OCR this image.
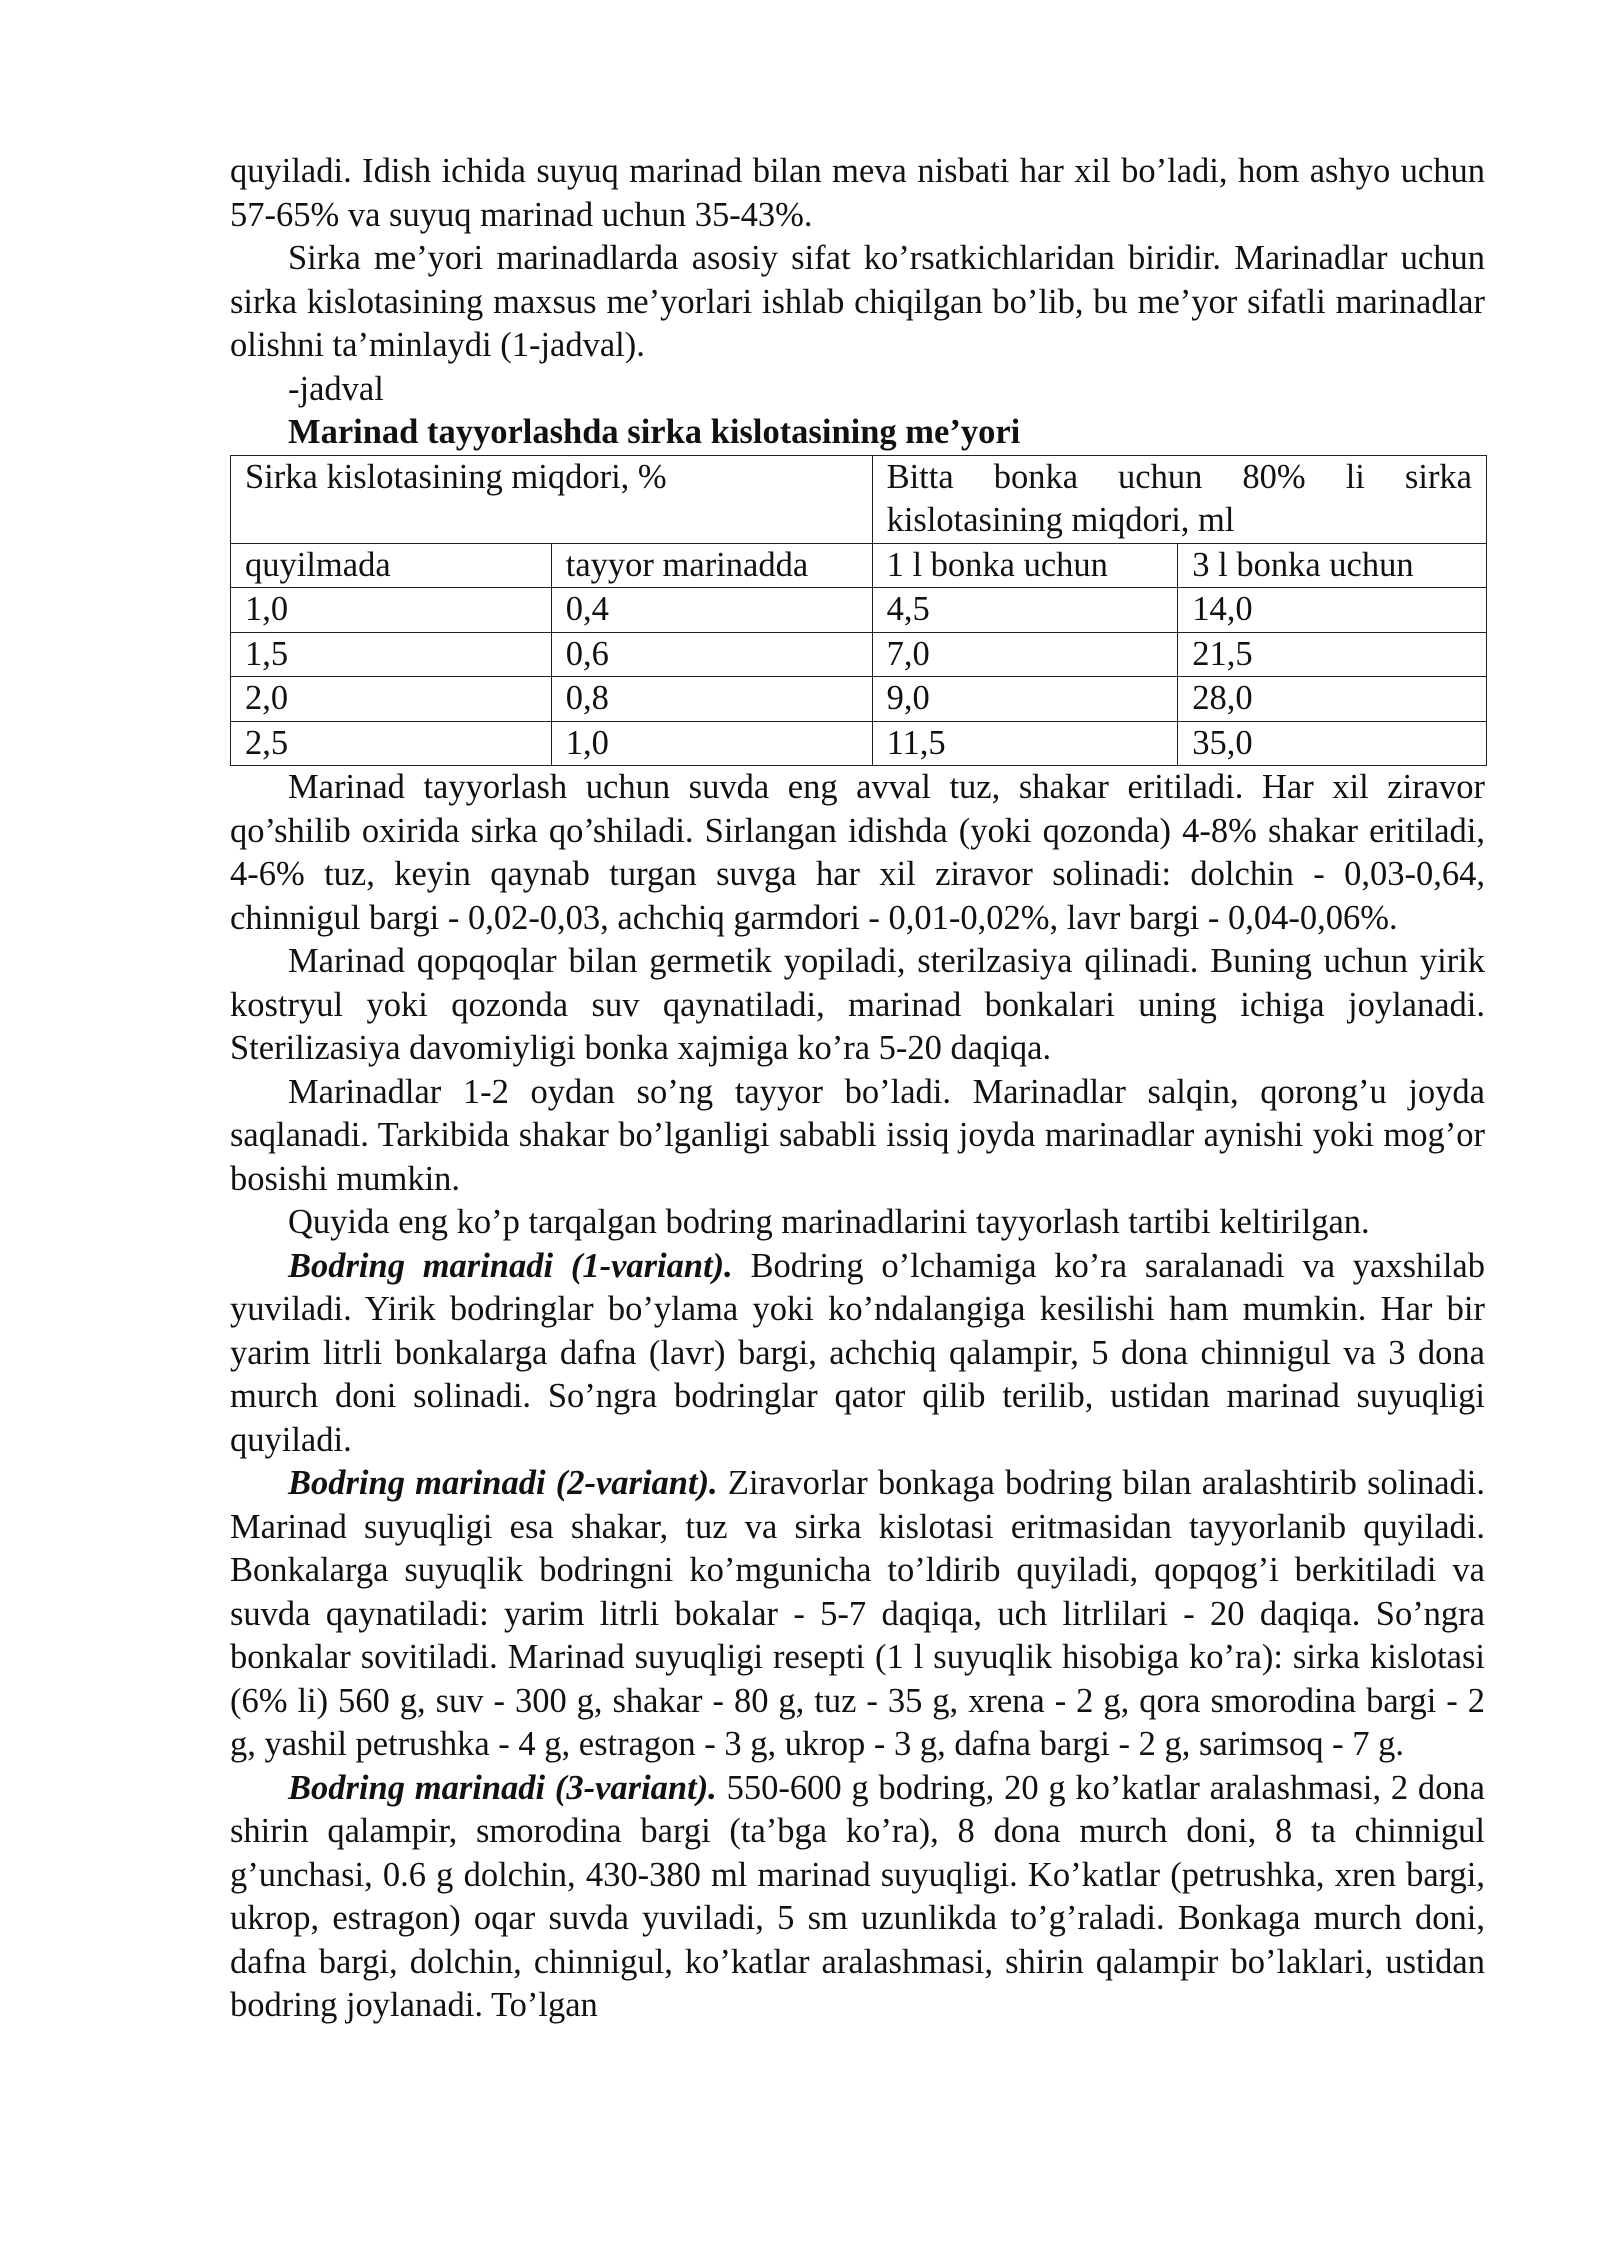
quyiladi. Idish ichida suyuq marinad bilan meva nisbati har xil bo’ladi, hom ashyo uchun 57-65% va suyuq marinad uchun 35-43%.

Sirka me’yori marinadlarda asosiy sifat ko’rsatkichlaridan biridir. Marinadlar uchun sirka kislotasining maxsus me’yorlari ishlab chiqilgan bo’lib, bu me’yor sifatli marinadlar olishni ta’minlaydi (1-jadval).

-jadval

Marinad tayyorlashda sirka kislotasining me’yori

Sirka kislotasining miqdori, %		Bitta bonka uchun 80% li sirka kislotasining miqdori, ml	
quyilmada	tayyor marinadda	1 l bonka uchun	3 l bonka uchun
1,0	0,4	4,5	14,0
1,5	0,6	7,0	21,5
2,0	0,8	9,0	28,0
2,5	1,0	11,5	35,0

Marinad tayyorlash uchun suvda eng avval tuz, shakar eritiladi. Har xil ziravor qo’shilib oxirida sirka qo’shiladi. Sirlangan idishda (yoki qozonda) 4-8% shakar eritiladi, 4-6% tuz, keyin qaynab turgan suvga har xil ziravor solinadi: dolchin - 0,03-0,64, chinnigul bargi - 0,02-0,03, achchiq garmdori - 0,01-0,02%, lavr bargi - 0,04-0,06%.

Marinad qopqoqlar bilan germetik yopiladi, sterilzasiya qilinadi. Buning uchun yirik kostryul yoki qozonda suv qaynatiladi, marinad bonkalari uning ichiga joylanadi. Sterilizasiya davomiyligi bonka xajmiga ko’ra 5-20 daqiqa.

Marinadlar 1-2 oydan so’ng tayyor bo’ladi. Marinadlar salqin, qorong’u joyda saqlanadi. Tarkibida shakar bo’lganligi sababli issiq joyda marinadlar aynishi yoki mog’or bosishi mumkin.

Quyida eng ko’p tarqalgan bodring marinadlarini tayyorlash tartibi keltirilgan.

Bodring marinadi (1-variant). Bodring o’lchamiga ko’ra saralanadi va yaxshilab yuviladi. Yirik bodringlar bo’ylama yoki ko’ndalangiga kesilishi ham mumkin. Har bir yarim litrli bonkalarga dafna (lavr) bargi, achchiq qalampir, 5 dona chinnigul va 3 dona murch doni solinadi. So’ngra bodringlar qator qilib terilib, ustidan marinad suyuqligi quyiladi.

Bodring marinadi (2-variant). Ziravorlar bonkaga bodring bilan aralashtirib solinadi. Marinad suyuqligi esa shakar, tuz va sirka kislotasi eritmasidan tayyorlanib quyiladi. Bonkalarga suyuqlik bodringni ko’mgunicha to’ldirib quyiladi, qopqog’i berkitiladi va suvda qaynatiladi: yarim litrli bokalar - 5-7 daqiqa, uch litrlilari - 20 daqiqa. So’ngra bonkalar sovitiladi. Marinad suyuqligi resepti (1 l suyuqlik hisobiga ko’ra): sirka kislotasi (6% li) 560 g, suv - 300 g, shakar - 80 g, tuz - 35 g, xrena - 2 g, qora smorodina bargi - 2 g, yashil petrushka - 4 g, estragon - 3 g, ukrop - 3 g, dafna bargi - 2 g, sarimsoq - 7 g.

Bodring marinadi (3-variant). 550-600 g bodring, 20 g ko’katlar aralashmasi, 2 dona shirin qalampir, smorodina bargi (ta’bga ko’ra), 8 dona murch doni, 8 ta chinnigul g’unchasi, 0.6 g dolchin, 430-380 ml marinad suyuqligi. Ko’katlar (petrushka, xren bargi, ukrop, estragon) oqar suvda yuviladi, 5 sm uzunlikda to’g’raladi. Bonkaga murch doni, dafna bargi, dolchin, chinnigul, ko’katlar aralashmasi, shirin qalampir bo’laklari, ustidan bodring joylanadi. To’lgan
